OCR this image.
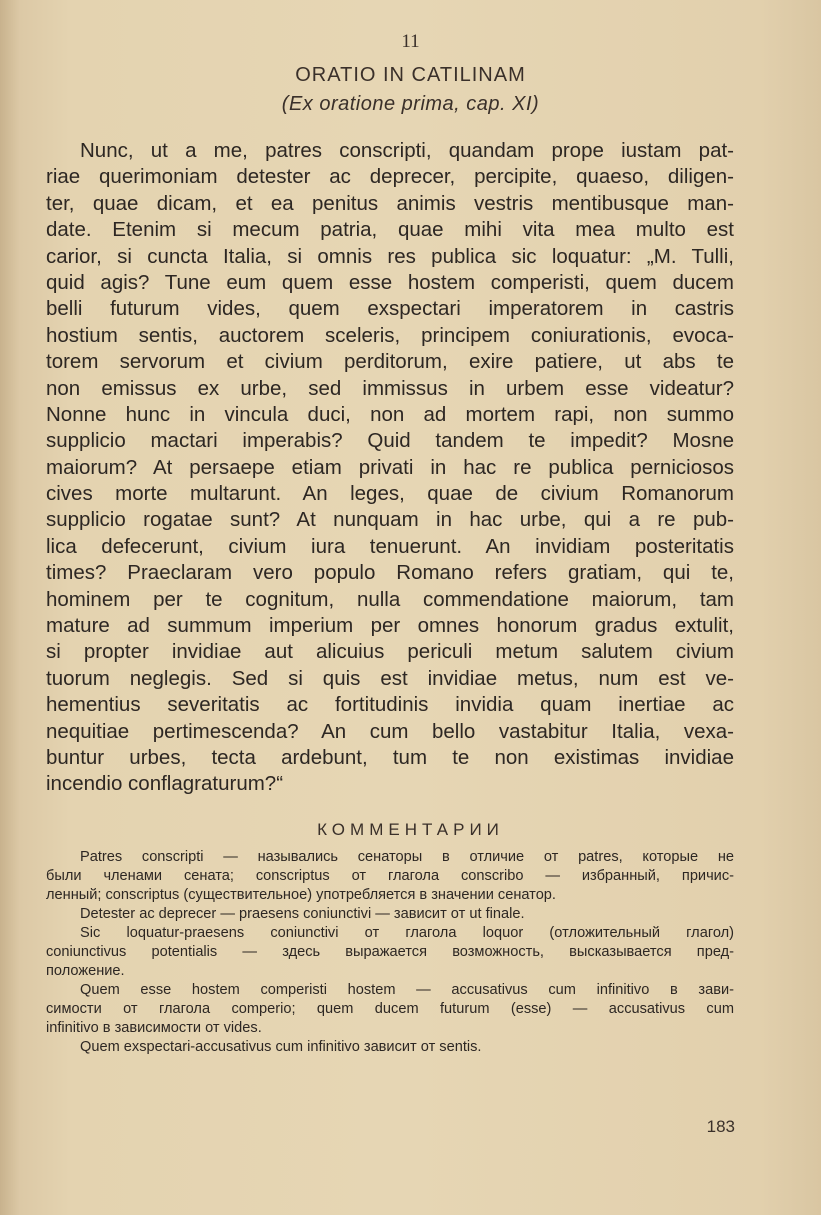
11
ORATIO IN CATILINAM
(Ex oratione prima, cap. XI)
Nunc, ut a me, patres conscripti, quandam prope iustam pat-
riae querimoniam detester ac deprecer, percipite, quaeso, diligen-
ter, quae dicam, et ea penitus animis vestris mentibusque man-
date. Etenim si mecum patria, quae mihi vita mea multo est
carior, si cuncta Italia, si omnis res publica sic loquatur: „M. Tulli,
quid agis? Tune eum quem esse hostem comperisti, quem ducem
belli futurum vides, quem exspectari imperatorem in castris
hostium sentis, auctorem sceleris, principem coniurationis, evoca-
torem servorum et civium perditorum, exire patiere, ut abs te
non emissus ex urbe, sed immissus in urbem esse videatur?
Nonne hunc in vincula duci, non ad mortem rapi, non summo
supplicio mactari imperabis? Quid tandem te impedit? Mosne
maiorum? At persaepe etiam privati in hac re publica perniciosos
cives morte multarunt. An leges, quae de civium Romanorum
supplicio rogatae sunt? At nunquam in hac urbe, qui a re pub-
lica defecerunt, civium iura tenuerunt. An invidiam posteritatis
times? Praeclaram vero populo Romano refers gratiam, qui te,
hominem per te cognitum, nulla commendatione maiorum, tam
mature ad summum imperium per omnes honorum gradus extulit,
si propter invidiae aut alicuius periculi metum salutem civium
tuorum neglegis. Sed si quis est invidiae metus, num est ve-
hementius severitatis ac fortitudinis invidia quam inertiae ac
nequitiae pertimescenda? An cum bello vastabitur Italia, vexa-
buntur urbes, tecta ardebunt, tum te non existimas invidiae
incendio conflagraturum?“
КОММЕНТАРИИ
Patres conscripti — назывались сенаторы в отличие от patres, которые не
были членами сената; conscriptus от глагола conscribo — избранный, причис-
ленный; conscriptus (существительное) употребляется в значении сенатор.
Detester ac deprecer — praesens coniunctivi — зависит от ut finale.
Sic loquatur-praesens coniunctivi от глагола loquor (отложительный глагол)
coniunctivus potentialis — здесь выражается возможность, высказывается пред-
положение.
Quem esse hostem comperisti hostem — accusativus cum infinitivo в зави-
симости от глагола comperio; quem ducem futurum (esse) — accusativus cum
infinitivo в зависимости от vides.
Quem exspectari-accusativus cum infinitivo зависит от sentis.
183
